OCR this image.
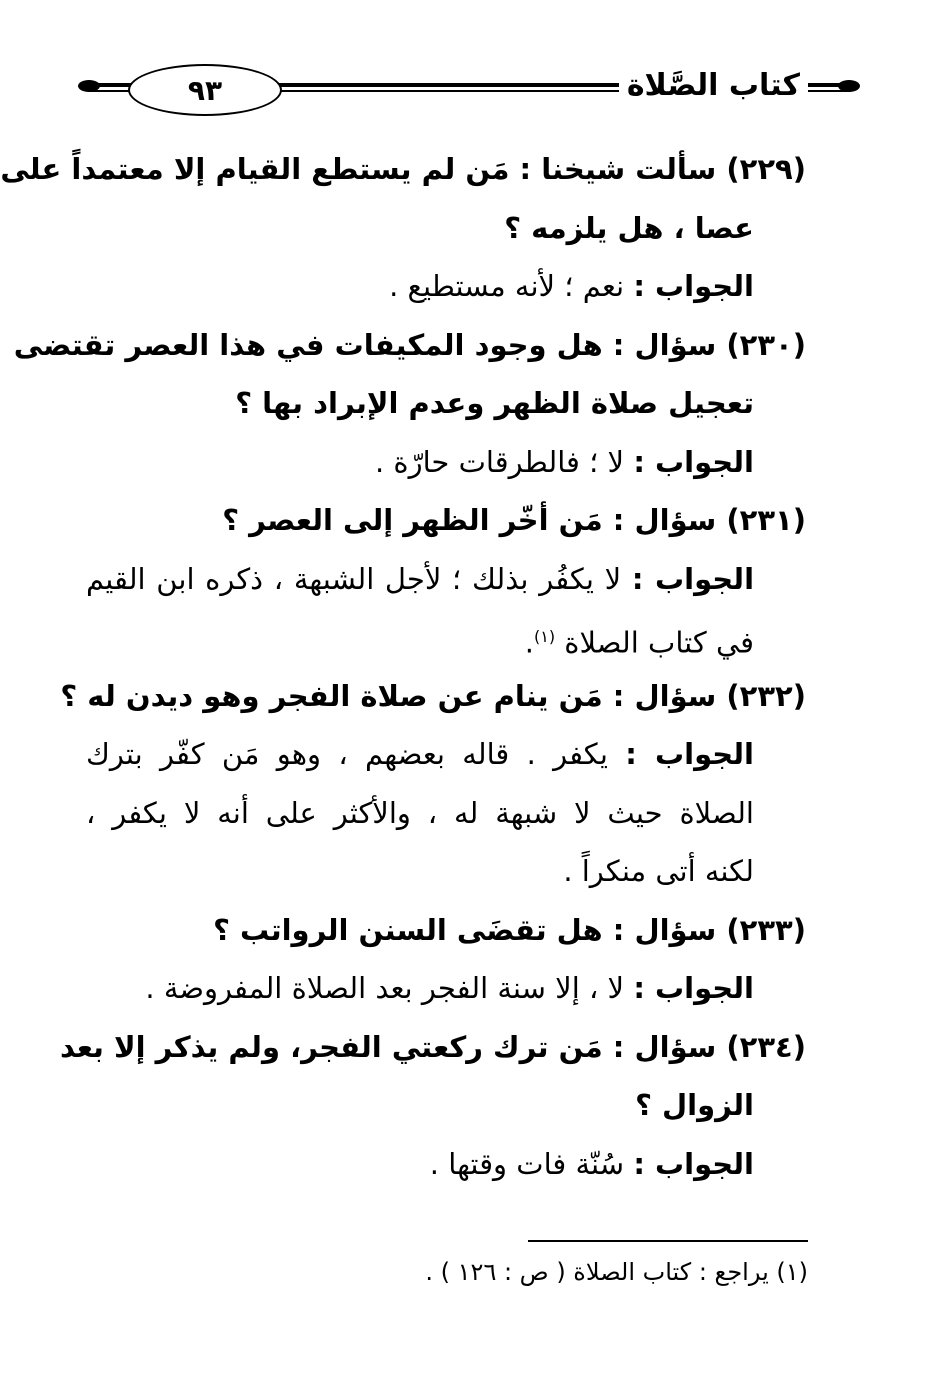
٩٣	كتاب الصَّلاة
(٢٢٩) سألت شيخنا : مَن لم يستطع القيام إلا معتمداً على
عصا ، هل يلزمه ؟
الجواب : نعم ؛ لأنه مستطيع .
(٢٣٠) سؤال : هل وجود المكيفات في هذا العصر تقتضى
تعجيل صلاة الظهر وعدم الإبراد بها ؟
الجواب : لا ؛ فالطرقات حارّة .
(٢٣١) سؤال : مَن أخّر الظهر إلى العصر ؟
الجواب : لا يكفُر بذلك ؛ لأجل الشبهة ، ذكره ابن القيم
في كتاب الصلاة $^{(١)}$.
(٢٣٢) سؤال : مَن ينام عن صلاة الفجر وهو ديدن له ؟
الجواب : يكفر . قاله بعضهم ، وهو مَن كفّر بترك
الصلاة حيث لا شبهة له ، والأكثر على أنه لا يكفر ،
لكنه أتى منكراً .
(٢٣٣) سؤال : هل تقضَى السنن الرواتب ؟
الجواب : لا ، إلا سنة الفجر بعد الصلاة المفروضة .
(٢٣٤) سؤال : مَن ترك ركعتي الفجر، ولم يذكر إلا بعد
الزوال ؟
الجواب : سُنّة فات وقتها .
(١) يراجع : كتاب الصلاة ( ص : ١٢٦ ) .
